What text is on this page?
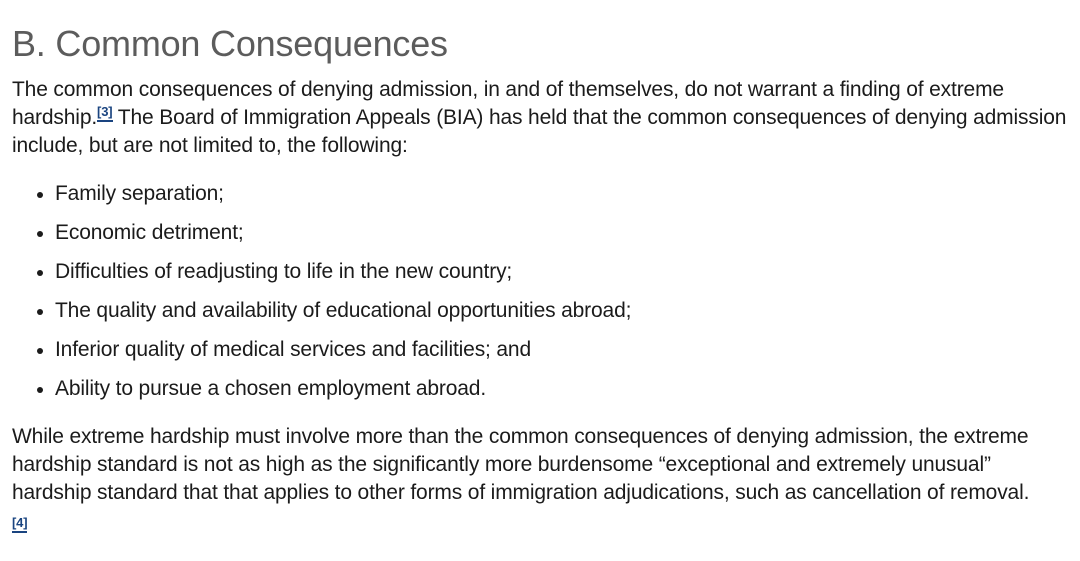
B. Common Consequences

The common consequences of denying admission, in and of themselves, do not warrant a finding of extreme hardship.[3] The Board of Immigration Appeals (BIA) has held that the common consequences of denying admission include, but are not limited to, the following:

Family separation;
Economic detriment;
Difficulties of readjusting to life in the new country;
The quality and availability of educational opportunities abroad;
Inferior quality of medical services and facilities; and
Ability to pursue a chosen employment abroad.

While extreme hardship must involve more than the common consequences of denying admission, the extreme hardship standard is not as high as the significantly more burdensome “exceptional and extremely unusual” hardship standard that that applies to other forms of immigration adjudications, such as cancellation of removal.
[4]
